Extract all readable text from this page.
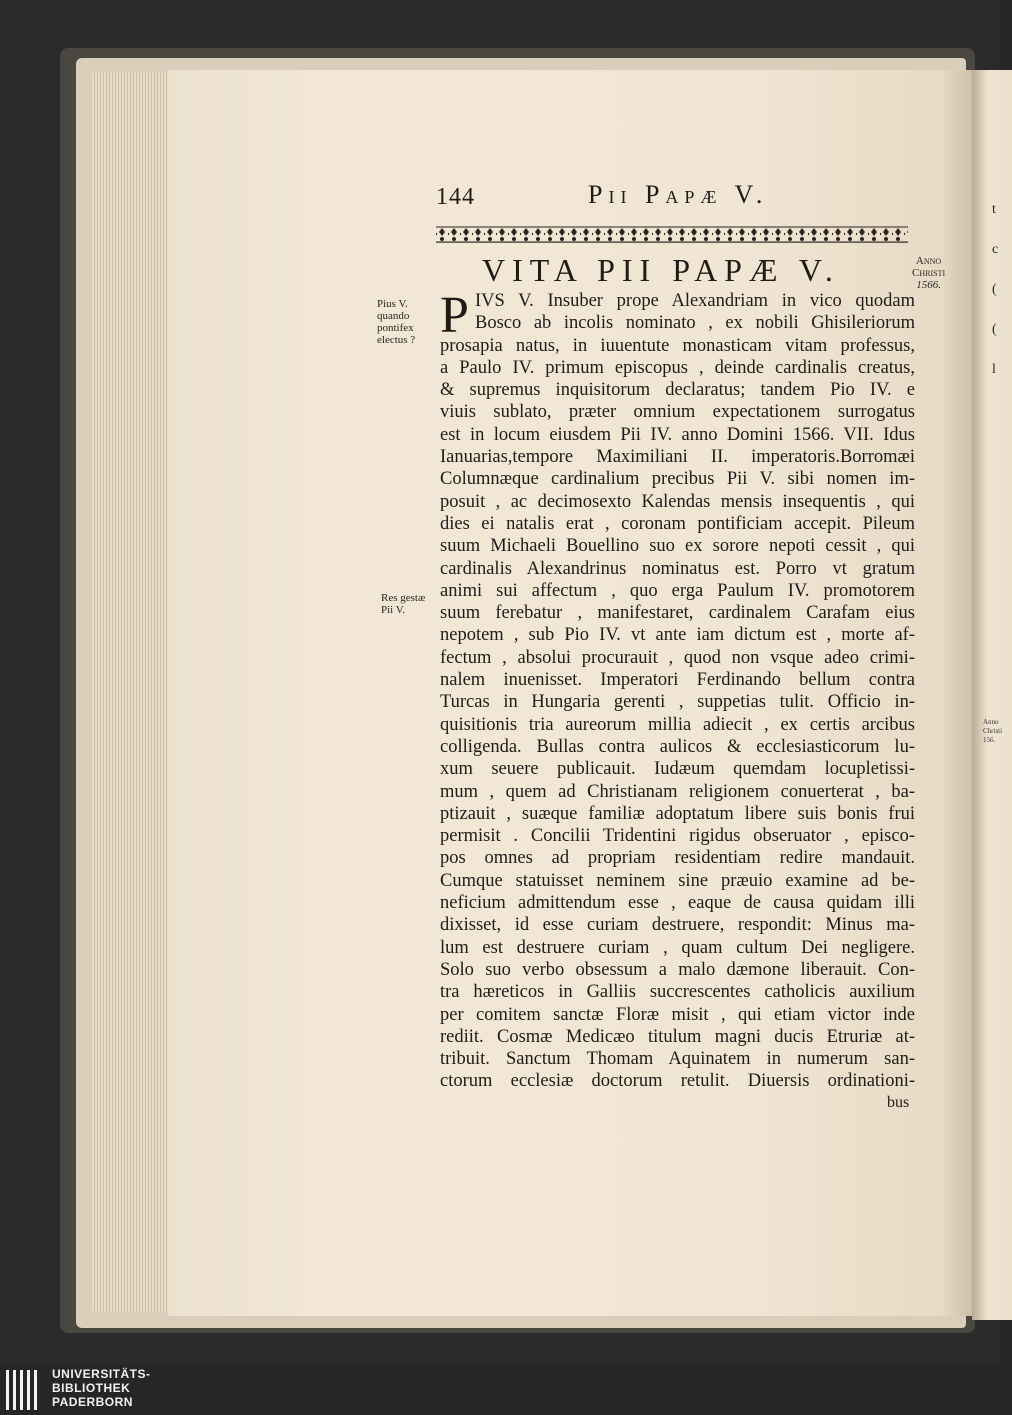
t
c
(
(
l
Anno
Christi
156.
144	Pii Papæ V.
VITA PII PAPÆ V.	Anno
Christi
1566.
Pius V.
quando
pontifex
electus ?
Res gestæ
Pii V.
P IVS V. Insuber prope Alexandriam in vico quodam
Bosco ab incolis nominato , ex nobili Ghisileriorum
prosapia natus, in iuuentute monasticam vitam professus,
a Paulo IV. primum episcopus , deinde cardinalis creatus,
& supremus inquisitorum declaratus; tandem Pio IV. e
viuis sublato, præter omnium expectationem surrogatus
est in locum eiusdem Pii IV. anno Domini 1566. VII. Idus
Ianuarias,tempore Maximiliani II. imperatoris.Borromæi
Columnæque cardinalium precibus Pii V. sibi nomen im-
posuit , ac decimosexto Kalendas mensis insequentis , qui
dies ei natalis erat , coronam pontificiam accepit. Pileum
suum Michaeli Bouellino suo ex sorore nepoti cessit , qui
cardinalis Alexandrinus nominatus est. Porro vt gratum
animi sui affectum , quo erga Paulum IV. promotorem
suum ferebatur , manifestaret, cardinalem Carafam eius
nepotem , sub Pio IV. vt ante iam dictum est , morte af-
fectum , absolui procurauit , quod non vsque adeo crimi-
nalem inuenisset. Imperatori Ferdinando bellum contra
Turcas in Hungaria gerenti , suppetias tulit. Officio in-
quisitionis tria aureorum millia adiecit , ex certis arcibus
colligenda. Bullas contra aulicos & ecclesiasticorum lu-
xum seuere publicauit. Iudæum quemdam locupletissi-
mum , quem ad Christianam religionem conuerterat , ba-
ptizauit , suæque familiæ adoptatum libere suis bonis frui
permisit . Concilii Tridentini rigidus obseruator , episco-
pos omnes ad propriam residentiam redire mandauit.
Cumque statuisset neminem sine præuio examine ad be-
neficium admittendum esse , eaque de causa quidam illi
dixisset, id esse curiam destruere, respondit: Minus ma-
lum est destruere curiam , quam cultum Dei negligere.
Solo suo verbo obsessum a malo dæmone liberauit. Con-
tra hæreticos in Galliis succrescentes catholicis auxilium
per comitem sanctæ Floræ misit , qui etiam victor inde
rediit. Cosmæ Medicæo titulum magni ducis Etruriæ at-
tribuit. Sanctum Thomam Aquinatem in numerum san-
ctorum ecclesiæ doctorum retulit. Diuersis ordinationi-
bus
UNIVERSITÄTS-
BIBLIOTHEK
PADERBORN
